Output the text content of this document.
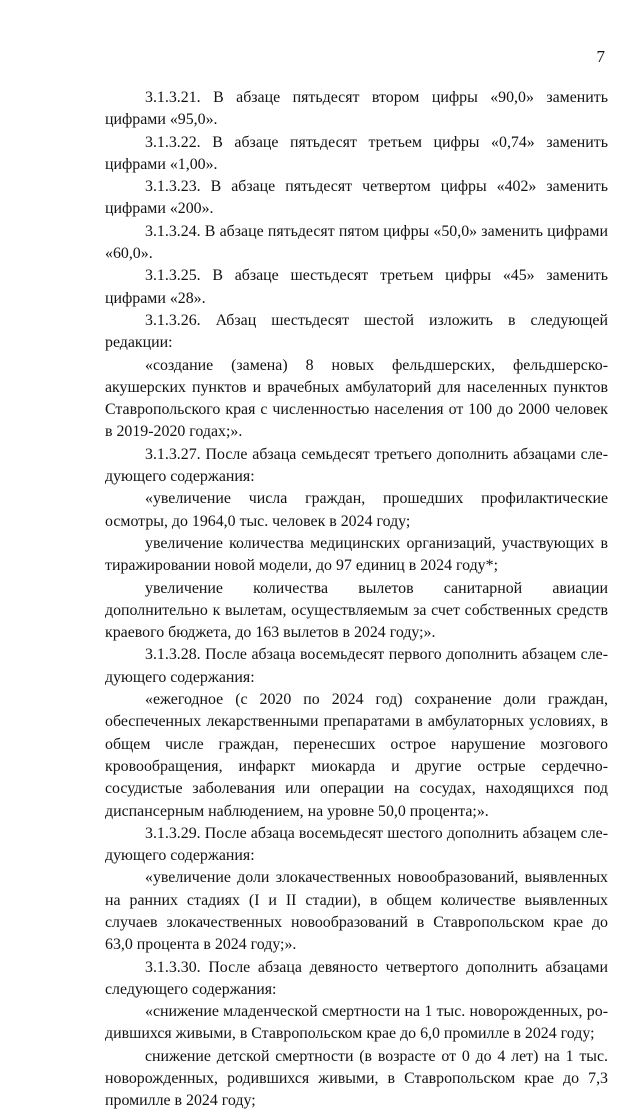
7

3.1.3.21. В абзаце пятьдесят втором цифры «90,0» заменить цифрами «95,0».

3.1.3.22. В абзаце пятьдесят третьем цифры «0,74» заменить цифрами «1,00».

3.1.3.23. В абзаце пятьдесят четвертом цифры «402» заменить цифрами «200».

3.1.3.24. В абзаце пятьдесят пятом цифры «50,0» заменить цифрами «60,0».

3.1.3.25. В абзаце шестьдесят третьем цифры «45» заменить цифрами «28».

3.1.3.26. Абзац шестьдесят шестой изложить в следующей редакции:

«создание (замена) 8 новых фельдшерских, фельдшерско-акушерских пунктов и врачебных амбулаторий для населенных пунктов Ставропольского края с численностью населения от 100 до 2000 человек в 2019-2020 годах;».

3.1.3.27. После абзаца семьдесят третьего дополнить абзацами следующего содержания:

«увеличение числа граждан, прошедших профилактические осмотры, до 1964,0 тыс. человек в 2024 году;

увеличение количества медицинских организаций, участвующих в тиражировании новой модели, до 97 единиц в 2024 году*;

увеличение количества вылетов санитарной авиации дополнительно к вылетам, осуществляемым за счет собственных средств краевого бюджета, до 163 вылетов в 2024 году;».

3.1.3.28. После абзаца восемьдесят первого дополнить абзацем следующего содержания:

«ежегодное (с 2020 по 2024 год) сохранение доли граждан, обеспеченных лекарственными препаратами в амбулаторных условиях, в общем числе граждан, перенесших острое нарушение мозгового кровообращения, инфаркт миокарда и другие острые сердечно-сосудистые заболевания или операции на сосудах, находящихся под диспансерным наблюдением, на уровне 50,0 процента;».

3.1.3.29. После абзаца восемьдесят шестого дополнить абзацем следующего содержания:

«увеличение доли злокачественных новообразований, выявленных на ранних стадиях (I и II стадии), в общем количестве выявленных случаев злокачественных новообразований в Ставропольском крае до 63,0 процента в 2024 году;».

3.1.3.30. После абзаца девяносто четвертого дополнить абзацами следующего содержания:

«снижение младенческой смертности на 1 тыс. новорожденных, родившихся живыми, в Ставропольском крае до 6,0 промилле в 2024 году;

снижение детской смертности (в возрасте от 0 до 4 лет) на 1 тыс. новорожденных, родившихся живыми, в Ставропольском крае до 7,3 промилле в 2024 году;
